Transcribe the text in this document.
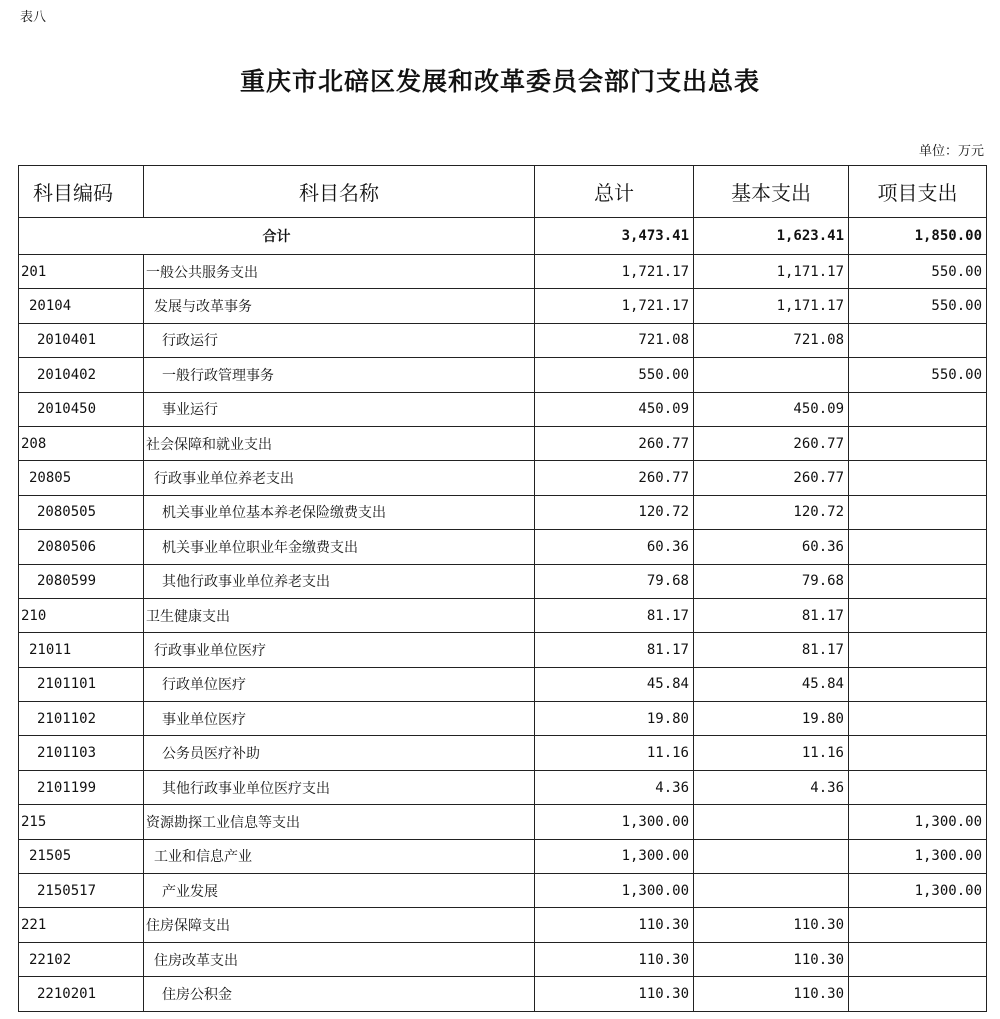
表八
重庆市北碚区发展和改革委员会部门支出总表
单位：万元
科目编码	科目名称	总计	基本支出	项目支出
合计		3,473.41	1,623.41	1,850.00
201	一般公共服务支出	1,721.17	1,171.17	550.00
20104	发展与改革事务	1,721.17	1,171.17	550.00
2010401	行政运行	721.08	721.08	
2010402	一般行政管理事务	550.00		550.00
2010450	事业运行	450.09	450.09	
208	社会保障和就业支出	260.77	260.77	
20805	行政事业单位养老支出	260.77	260.77	
2080505	机关事业单位基本养老保险缴费支出	120.72	120.72	
2080506	机关事业单位职业年金缴费支出	60.36	60.36	
2080599	其他行政事业单位养老支出	79.68	79.68	
210	卫生健康支出	81.17	81.17	
21011	行政事业单位医疗	81.17	81.17	
2101101	行政单位医疗	45.84	45.84	
2101102	事业单位医疗	19.80	19.80	
2101103	公务员医疗补助	11.16	11.16	
2101199	其他行政事业单位医疗支出	4.36	4.36	
215	资源勘探工业信息等支出	1,300.00		1,300.00
21505	工业和信息产业	1,300.00		1,300.00
2150517	产业发展	1,300.00		1,300.00
221	住房保障支出	110.30	110.30	
22102	住房改革支出	110.30	110.30	
2210201	住房公积金	110.30	110.30	
